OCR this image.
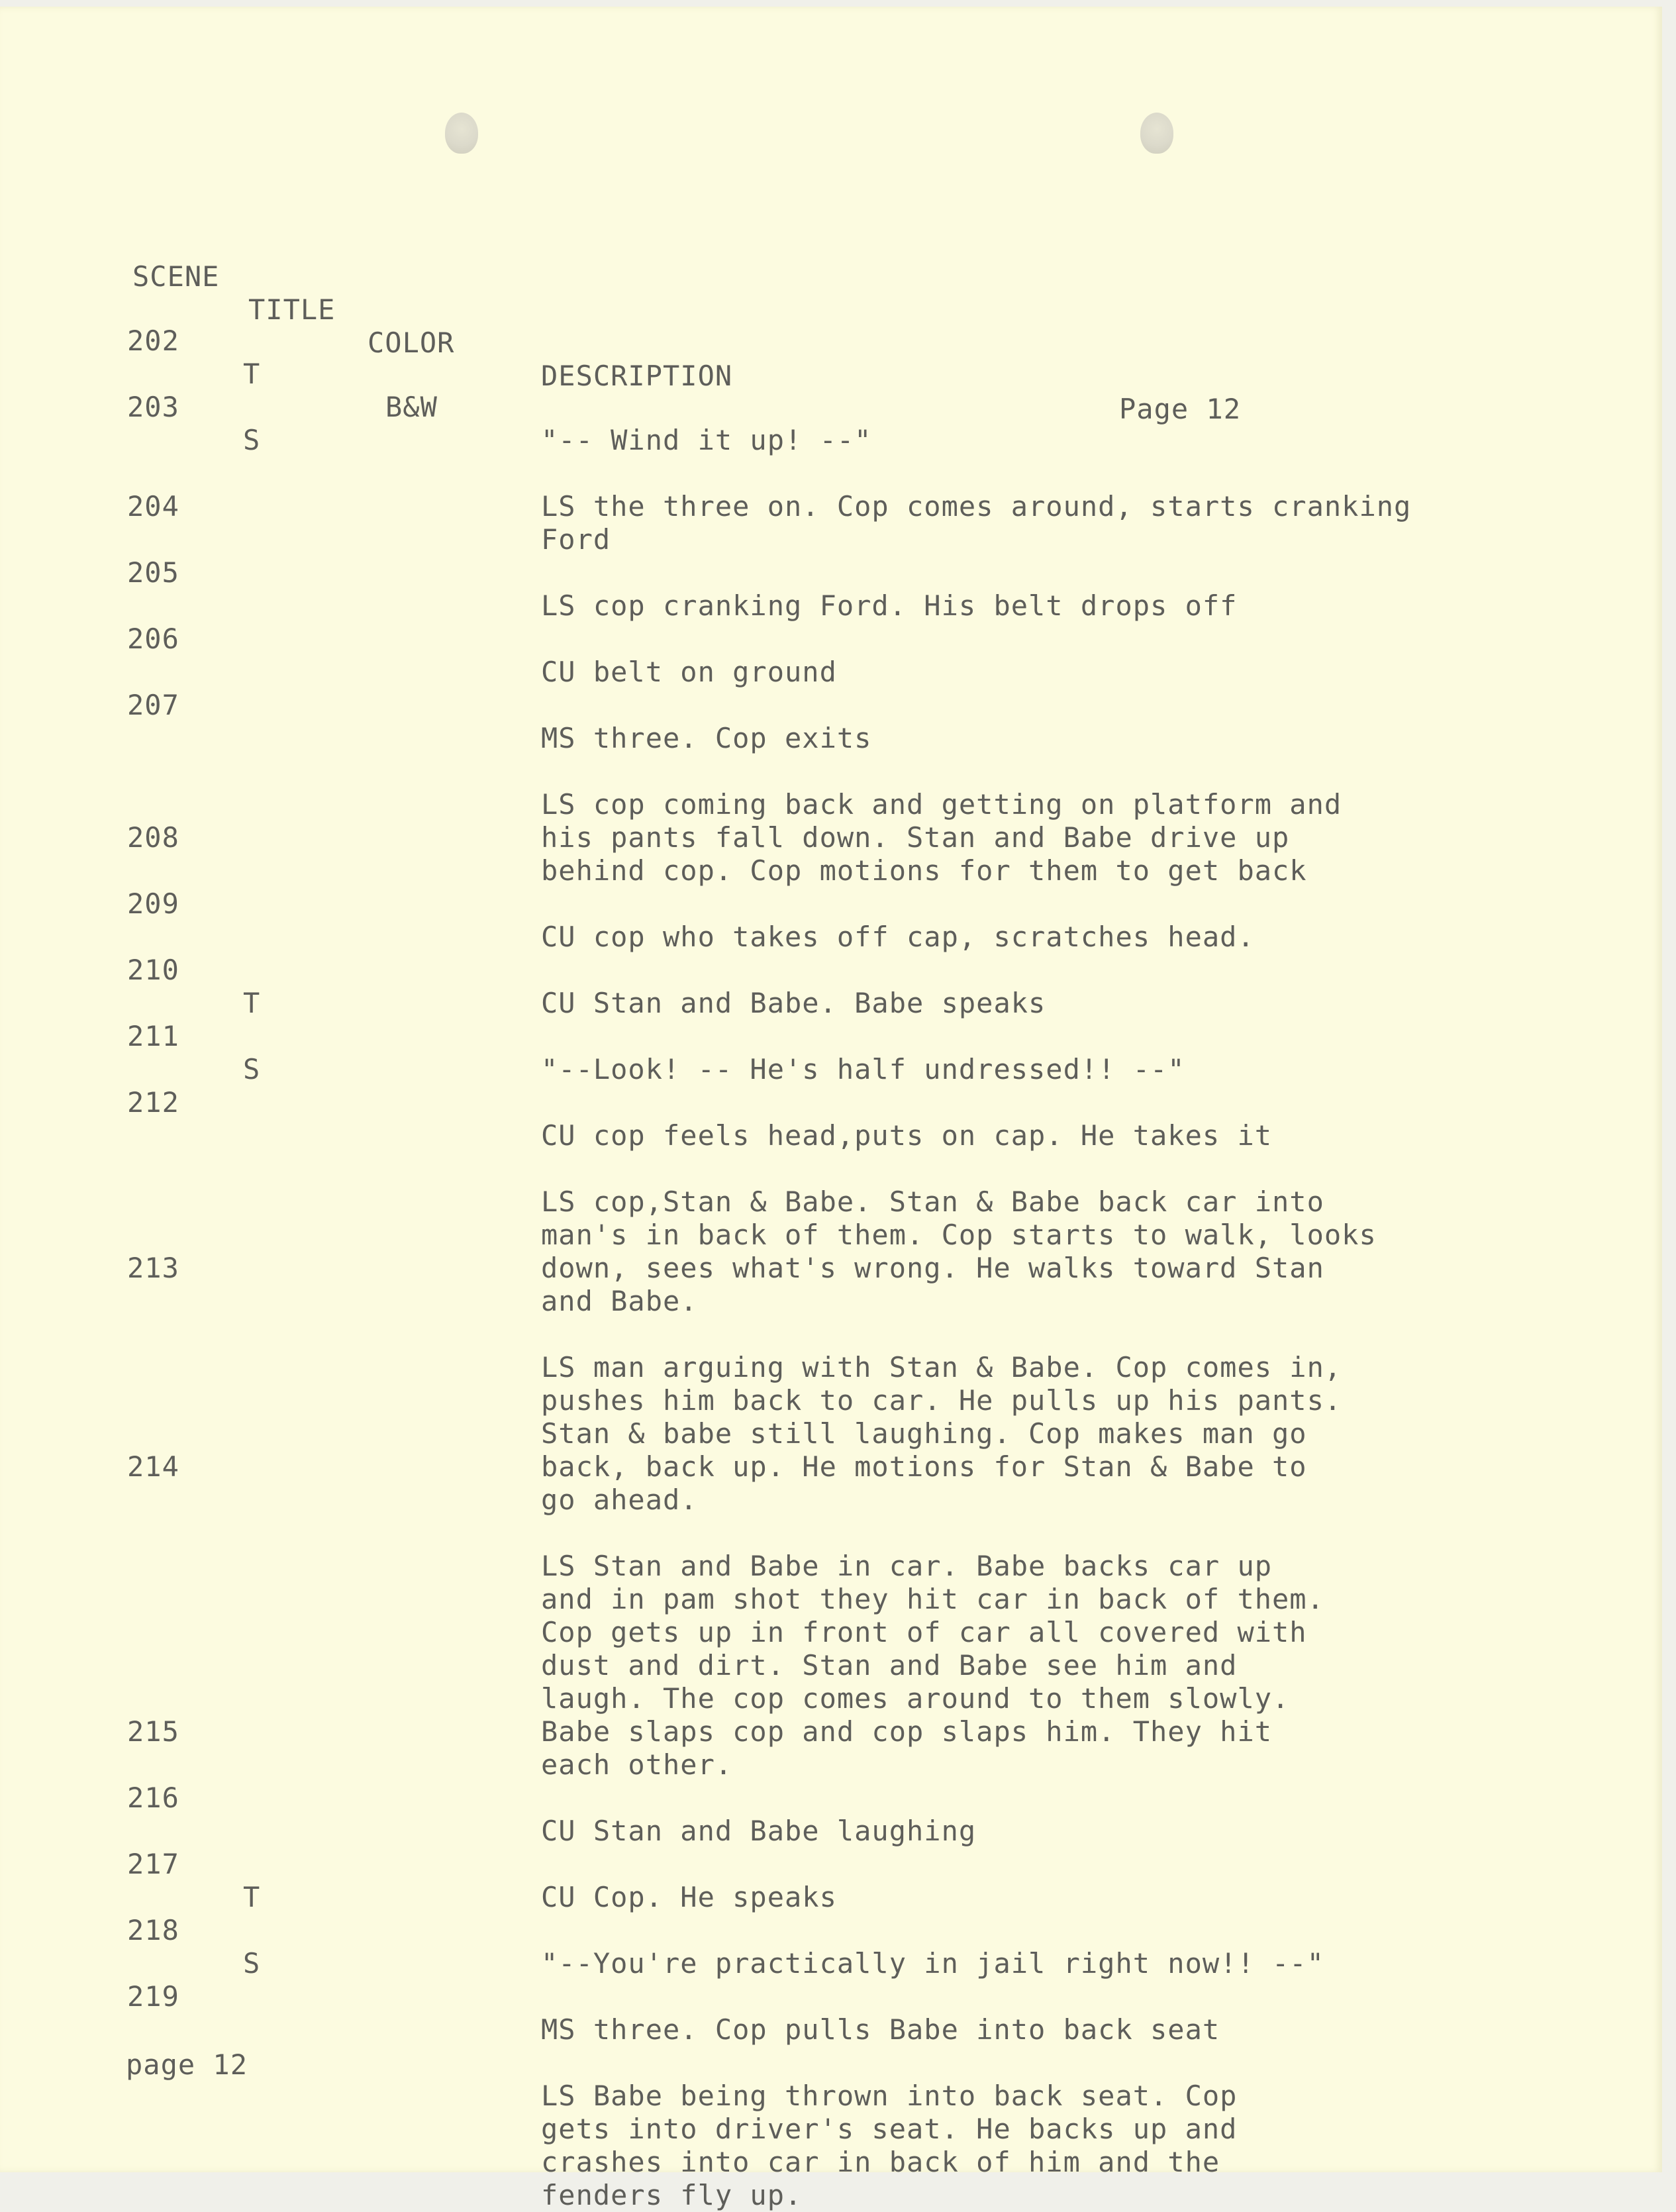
SCENE

TITLE

COLOR

DESCRIPTION

Page 12

202

T

B&W

"-- Wind it up! --"

203

S

LS the three on. Cop comes around, starts cranking
Ford

204

LS cop cranking Ford. His belt drops off

205

CU belt on ground

206

MS three. Cop exits

207

LS cop coming back and getting on platform and
his pants fall down. Stan and Babe drive up
behind cop. Cop motions for them to get back

208

CU cop who takes off cap, scratches head.

209

CU Stan and Babe. Babe speaks

210

T

"--Look! -- He's half undressed!! --"

211

S

CU cop feels head,puts on cap. He takes it

212

LS cop,Stan & Babe. Stan & Babe back car into
man's in back of them. Cop starts to walk, looks
down, sees what's wrong. He walks toward Stan
and Babe.

213

LS man arguing with Stan & Babe. Cop comes in,
pushes him back to car. He pulls up his pants.
Stan & babe still laughing. Cop makes man go
back, back up. He motions for Stan & Babe to
go ahead.

214

LS Stan and Babe in car. Babe backs car up
and in pam shot they hit car in back of them.
Cop gets up in front of car all covered with
dust and dirt. Stan and Babe see him and
laugh. The cop comes around to them slowly.
Babe slaps cop and cop slaps him. They hit
each other.

215

CU Stan and Babe laughing

216

CU Cop. He speaks

217

T

"--You're practically in jail right now!! --"

218

S

MS three. Cop pulls Babe into back seat

219

LS Babe being thrown into back seat. Cop
gets into driver's seat. He backs up and
crashes into car in back of him and the
fenders fly up.

page 12
